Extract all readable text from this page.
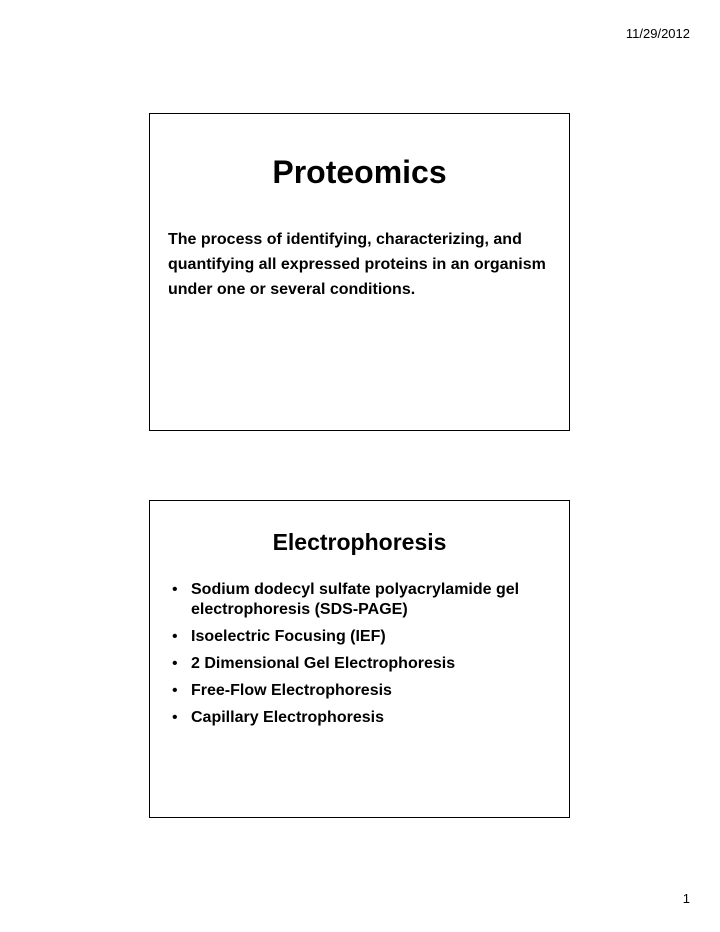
11/29/2012
Proteomics
The process of identifying, characterizing, and quantifying all expressed proteins in an organism under one or several conditions.
Electrophoresis
• Sodium dodecyl sulfate polyacrylamide gel electrophoresis (SDS-PAGE)
• Isoelectric Focusing (IEF)
• 2 Dimensional Gel Electrophoresis
• Free-Flow Electrophoresis
• Capillary Electrophoresis
1
